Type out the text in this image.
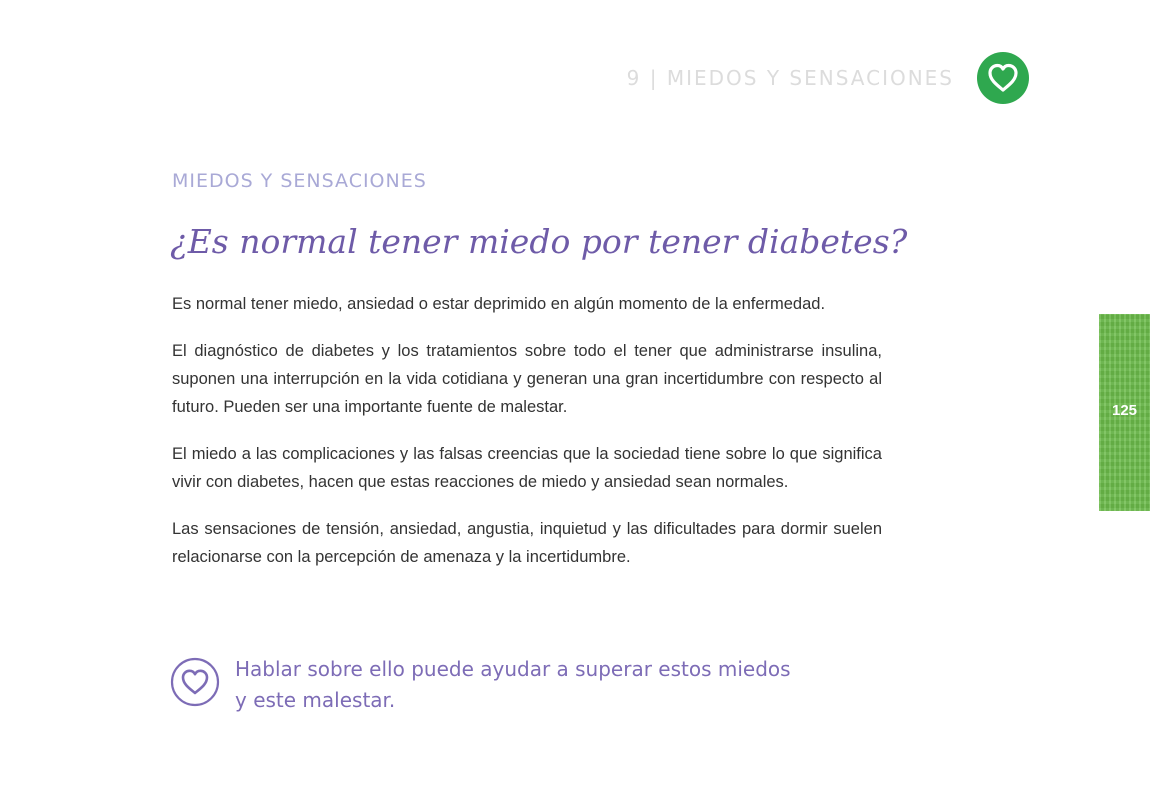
9 | MIEDOS Y SENSACIONES
MIEDOS Y SENSACIONES
¿Es normal tener miedo por tener diabetes?

Es normal tener miedo, ansiedad o estar deprimido en algún momento de la enfermedad.

El diagnóstico de diabetes y los tratamientos sobre todo el tener que administrarse insulina, suponen una interrupción en la vida cotidiana y generan una gran incertidumbre con respecto al futuro. Pueden ser una importante fuente de malestar.

El miedo a las complicaciones y las falsas creencias que la sociedad tiene sobre lo que significa vivir con diabetes, hacen que estas reacciones de miedo y ansiedad sean normales.

Las sensaciones de tensión, ansiedad, angustia, inquietud y las dificultades para dormir suelen relacionarse con la percepción de amenaza y la incertidumbre.

125
Hablar sobre ello puede ayudar a superar estos miedos
y este malestar.
